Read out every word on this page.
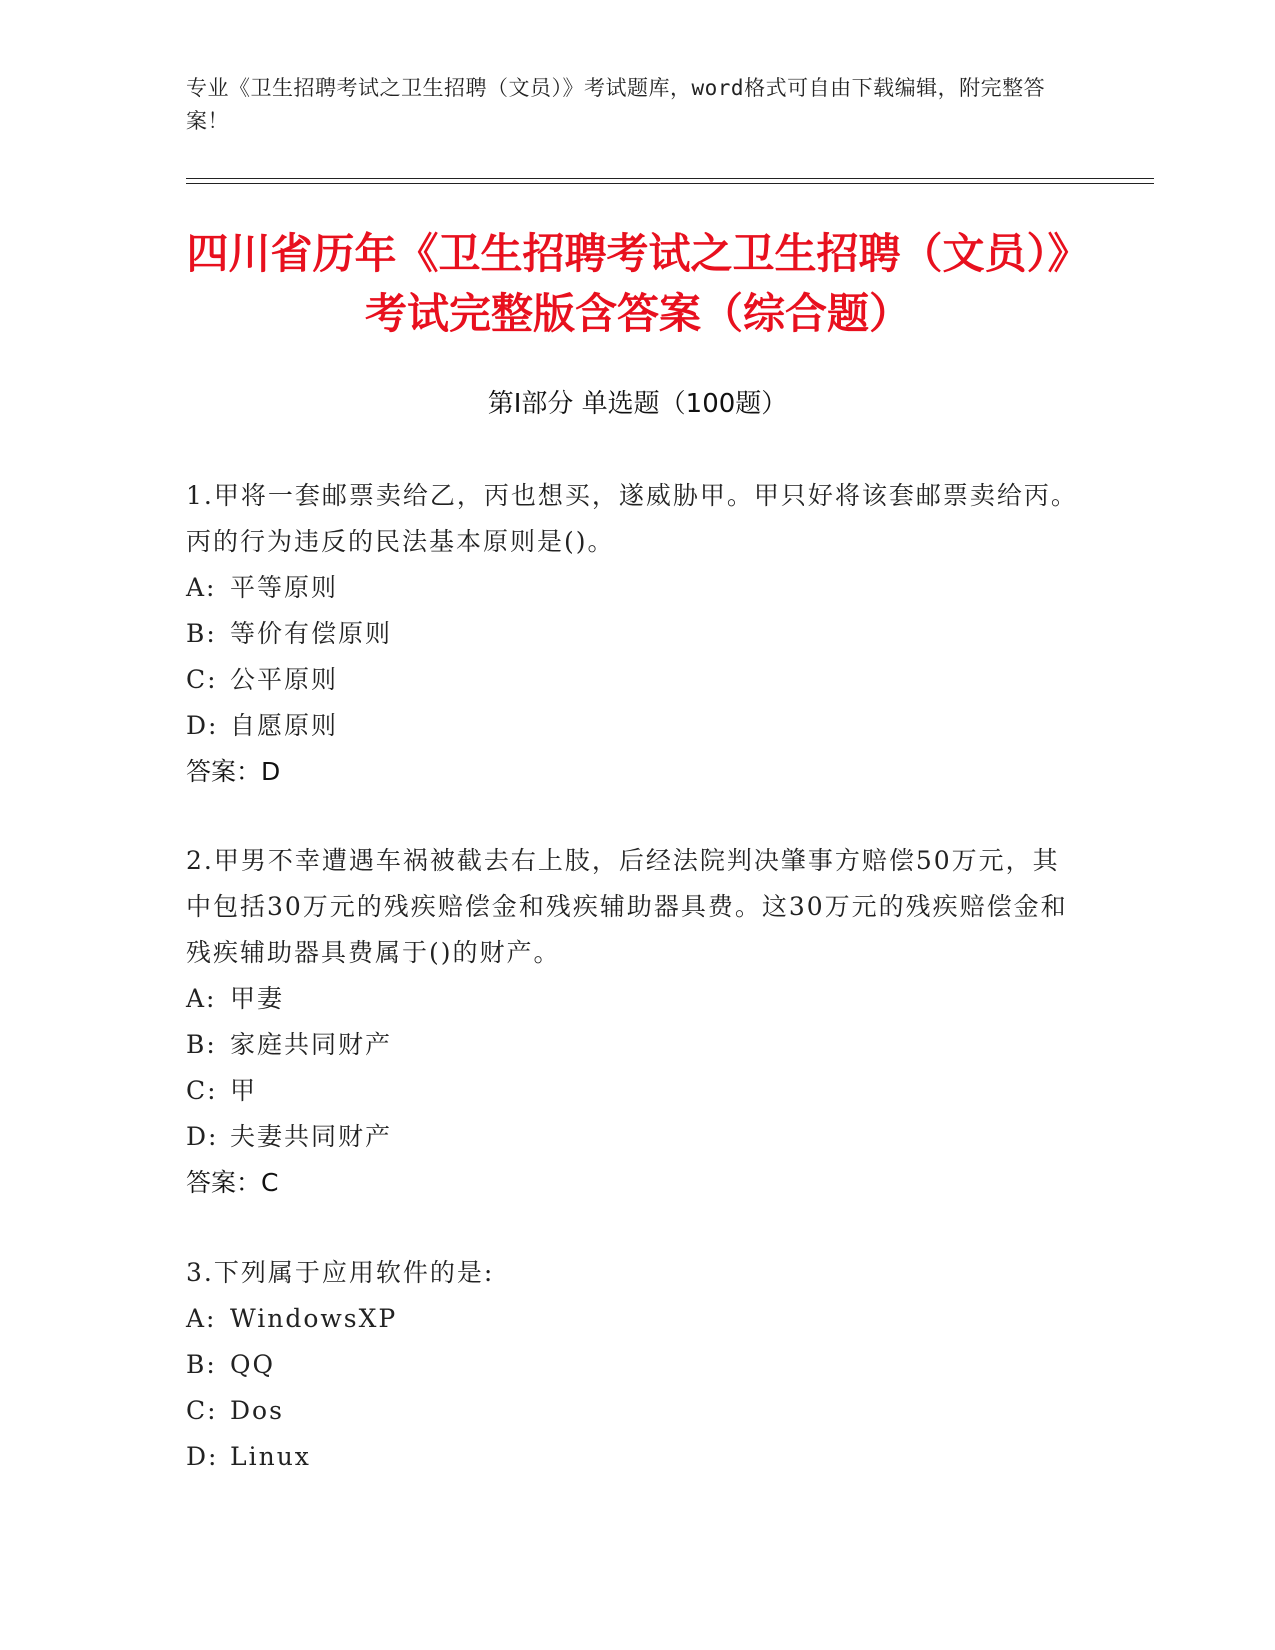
专业《卫生招聘考试之卫生招聘（文员）》考试题库，word格式可自由下载编辑，附完整答案！
四川省历年《卫生招聘考试之卫生招聘（文员）》考试完整版含答案（综合题）
第Ⅰ部分 单选题（100题）
1.甲将一套邮票卖给乙，丙也想买，遂威胁甲。甲只好将该套邮票卖给丙。丙的行为违反的民法基本原则是()。
A: 平等原则
B: 等价有偿原则
C: 公平原则
D: 自愿原则
答案：D
2.甲男不幸遭遇车祸被截去右上肢，后经法院判决肇事方赔偿50万元，其中包括30万元的残疾赔偿金和残疾辅助器具费。这30万元的残疾赔偿金和残疾辅助器具费属于()的财产。
A: 甲妻
B: 家庭共同财产
C: 甲
D: 夫妻共同财产
答案：C
3.下列属于应用软件的是:
A: WindowsXP
B: QQ
C: Dos
D: Linux
